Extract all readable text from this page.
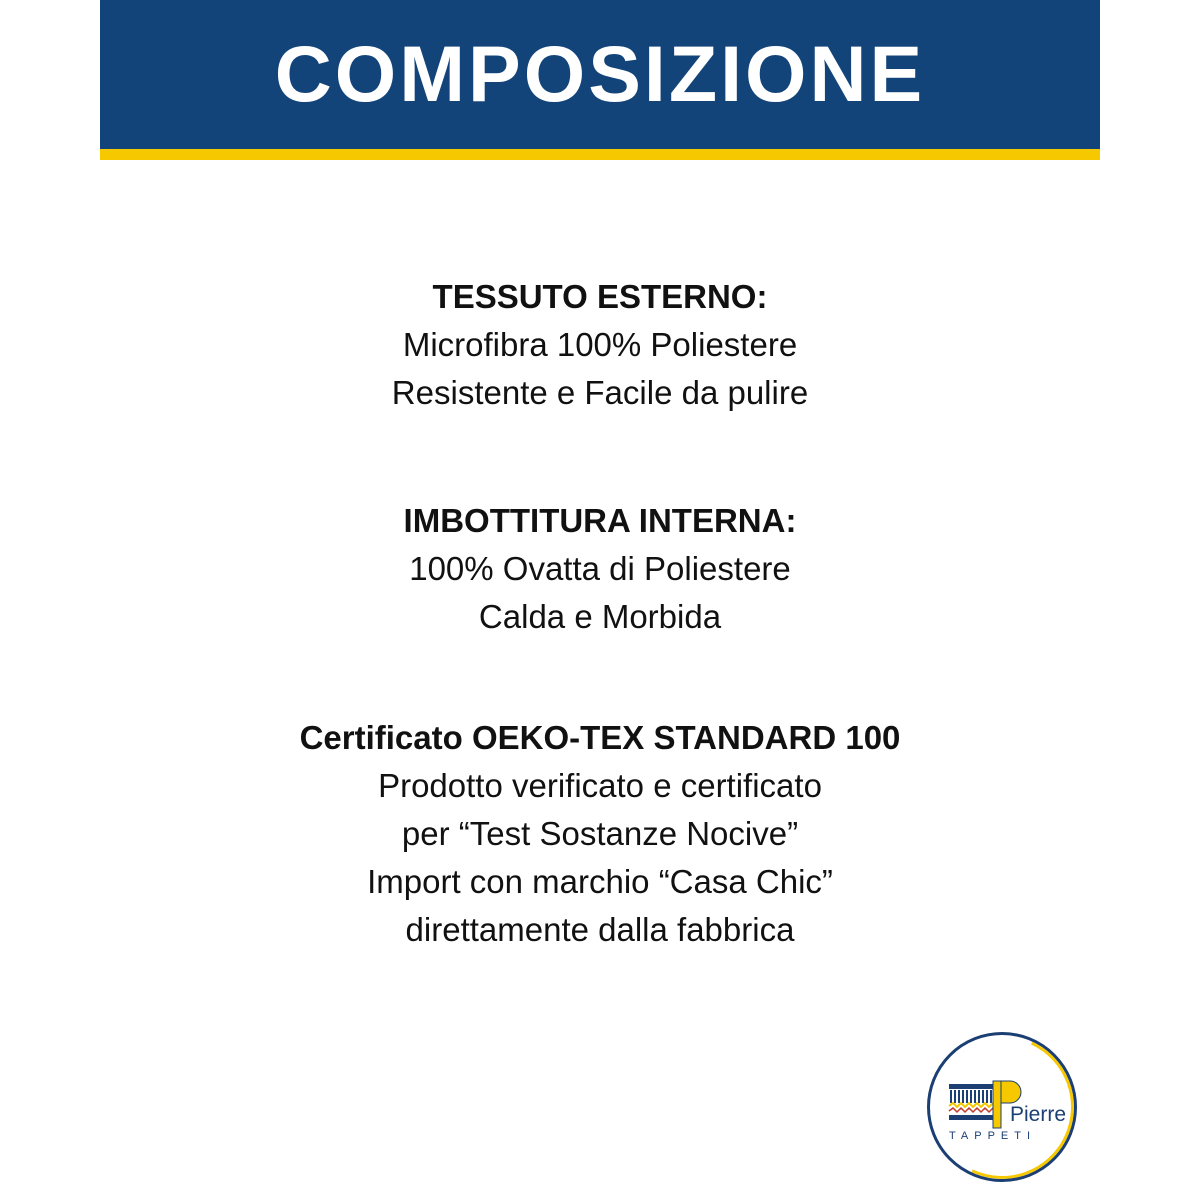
COMPOSIZIONE
TESSUTO ESTERNO:
Microfibra 100% Poliestere
Resistente e Facile da pulire
IMBOTTITURA INTERNA:
100% Ovatta di Poliestere
Calda e Morbida
Certificato OEKO-TEX STANDARD 100
Prodotto verificato e certificato
per “Test Sostanze Nocive”
Import con marchio “Casa Chic”
direttamente dalla fabbrica
Pierre
TAPPETI
